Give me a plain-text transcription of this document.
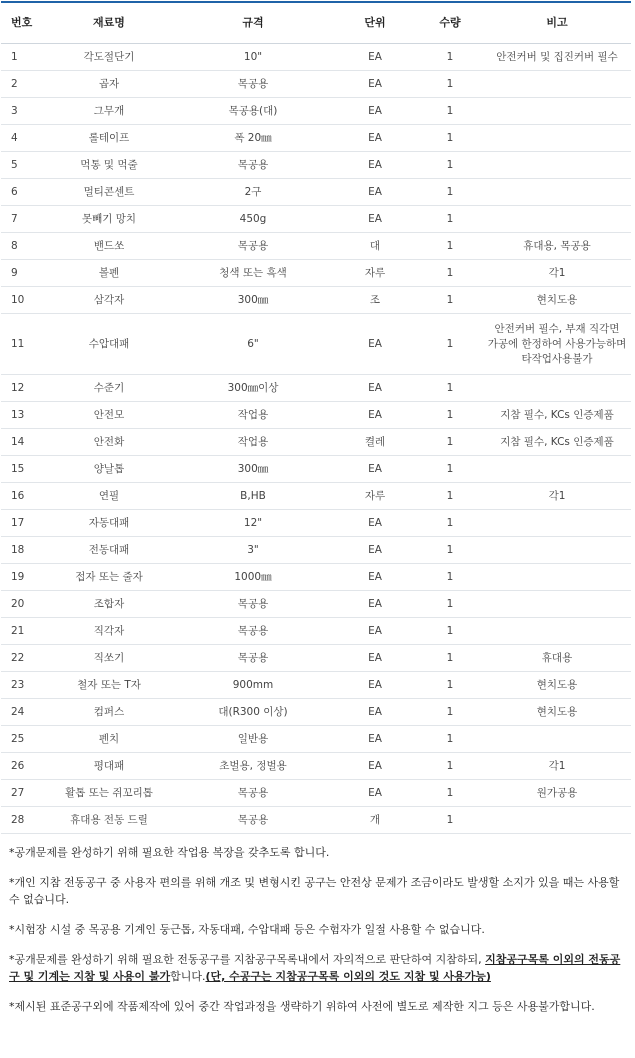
번호	재료명	규격	단위	수량	비고
1	각도절단기	10"	EA	1	안전커버 및 집진커버 필수
2	곱자	목공용	EA	1	
3	그무개	목공용(대)	EA	1	
4	롤테이프	폭 20㎜	EA	1	
5	먹통 및 먹줄	목공용	EA	1	
6	멀티콘센트	2구	EA	1	
7	못빼기 망치	450g	EA	1	
8	밴드쏘	목공용	대	1	휴대용, 목공용
9	볼펜	청색 또는 흑색	자루	1	각1
10	삼각자	300㎜	조	1	현치도용
11	수압대패	6"	EA	1	안전커버 필수, 부재 직각면 가공에 한정하여 사용가능하며 타작업사용불가
12	수준기	300㎜이상	EA	1	
13	안전모	작업용	EA	1	지참 필수, KCs 인증제품
14	안전화	작업용	켤레	1	지참 필수, KCs 인증제품
15	양날톱	300㎜	EA	1	
16	연필	B,HB	자루	1	각1
17	자동대패	12"	EA	1	
18	전동대패	3"	EA	1	
19	접자 또는 줄자	1000㎜	EA	1	
20	조합자	목공용	EA	1	
21	직각자	목공용	EA	1	
22	직쏘기	목공용	EA	1	휴대용
23	철자 또는 T자	900mm	EA	1	현치도용
24	컴퍼스	대(R300 이상)	EA	1	현치도용
25	펜치	일반용	EA	1	
26	평대패	초벌용, 정벌용	EA	1	각1
27	활톱 또는 쥐꼬리톱	목공용	EA	1	원가공용
28	휴대용 전동 드릴	목공용	개	1	

*공개문제를 완성하기 위해 필요한 작업용 복장을 갖추도록 합니다.

*개인 지참 전동공구 중 사용자 편의를 위해 개조 및 변형시킨 공구는 안전상 문제가 조금이라도 발생할 소지가 있을 때는 사용할 수 없습니다.

*시험장 시설 중 목공용 기계인 둥근톱, 자동대패, 수압대패 등은 수험자가 일절 사용할 수 없습니다.

*공개문제를 완성하기 위해 필요한 전동공구를 지참공구목록내에서 자의적으로 판단하여 지참하되, 지참공구목록 이외의 전동공구 및 기계는 지참 및 사용이 불가합니다.(단, 수공구는 지참공구목록 이외의 것도 지참 및 사용가능)

*제시된 표준공구외에 작품제작에 있어 중간 작업과정을 생략하기 위하여 사전에 별도로 제작한 지그 등은 사용불가합니다.
